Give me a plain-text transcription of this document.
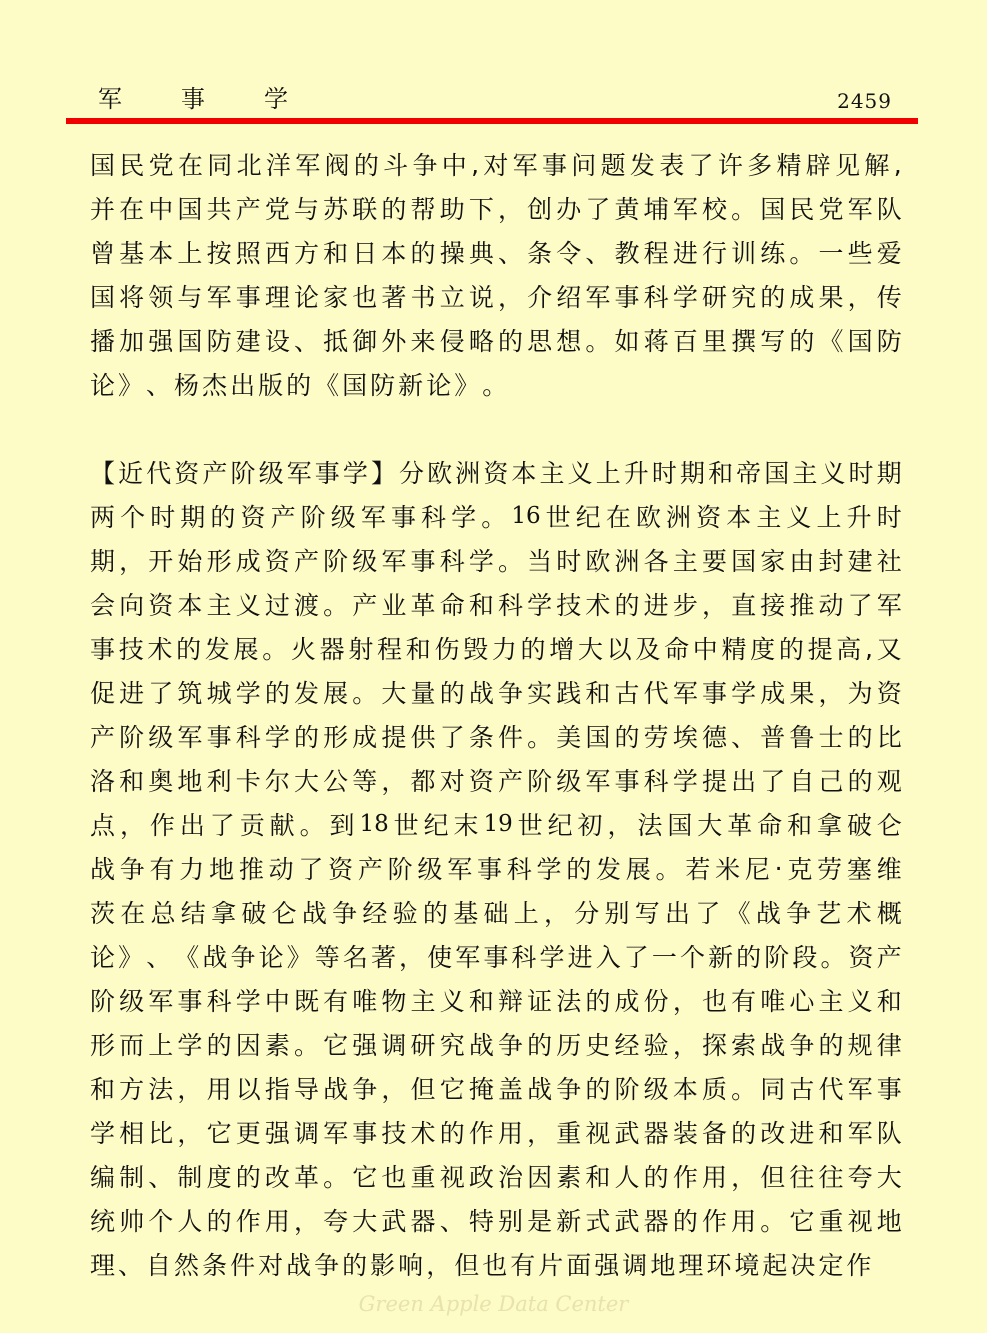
军 事 学	2459
国 民 党 在 同 北 洋 军 阀 的 斗 争 中 , 对 军 事 问 题 发 表 了 许 多 精 辟 见 解 ,
并 在 中 国 共 产 党 与 苏 联 的 帮 助 下 ， 创 办 了 黄 埔 军 校 。 国 民 党 军 队
曾 基 本 上 按 照 西 方 和 日 本 的 操 典 、 条 令 、 教 程 进 行 训 练 。 一 些 爱
国 将 领 与 军 事 理 论 家 也 著 书 立 说 ， 介 绍 军 事 科 学 研 究 的 成 果 ， 传
播 加 强 国 防 建 设 、 抵 御 外 来 侵 略 的 思 想 。 如 蒋 百 里 撰 写 的 《 国 防
论 》 、 杨 杰 出 版 的 《 国 防 新 论 》 。
【 近 代 资 产 阶 级 军 事 学 】 分 欧 洲 资 本 主 义 上 升 时 期 和 帝 国 主 义 时 期
两 个 时 期 的 资 产 阶 级 军 事 科 学 。 16 世 纪 在 欧 洲 资 本 主 义 上 升 时
期 ， 开 始 形 成 资 产 阶 级 军 事 科 学 。 当 时 欧 洲 各 主 要 国 家 由 封 建 社
会 向 资 本 主 义 过 渡 。 产 业 革 命 和 科 学 技 术 的 进 步 ， 直 接 推 动 了 军
事 技 术 的 发 展 。 火 器 射 程 和 伤 毁 力 的 增 大 以 及 命 中 精 度 的 提 高 , 又
促 进 了 筑 城 学 的 发 展 。 大 量 的 战 争 实 践 和 古 代 军 事 学 成 果 ， 为 资
产 阶 级 军 事 科 学 的 形 成 提 供 了 条 件 。 美 国 的 劳 埃 德 、 普 鲁 士 的 比
洛 和 奥 地 利 卡 尔 大 公 等 ， 都 对 资 产 阶 级 军 事 科 学 提 出 了 自 己 的 观
点 ， 作 出 了 贡 献 。 到 18 世 纪 末 19 世 纪 初 ， 法 国 大 革 命 和 拿 破 仑
战 争 有 力 地 推 动 了 资 产 阶 级 军 事 科 学 的 发 展 。 若 米 尼 · 克 劳 塞 维
茨 在 总 结 拿 破 仑 战 争 经 验 的 基 础 上 ， 分 别 写 出 了 《 战 争 艺 术 概
论 》 、 《 战 争 论 》 等 名 著 ， 使 军 事 科 学 进 入 了 一 个 新 的 阶 段 。 资 产
阶 级 军 事 科 学 中 既 有 唯 物 主 义 和 辩 证 法 的 成 份 ， 也 有 唯 心 主 义 和
形 而 上 学 的 因 素 。 它 强 调 研 究 战 争 的 历 史 经 验 ， 探 索 战 争 的 规 律
和 方 法 ， 用 以 指 导 战 争 ， 但 它 掩 盖 战 争 的 阶 级 本 质 。 同 古 代 军 事
学 相 比 ， 它 更 强 调 军 事 技 术 的 作 用 ， 重 视 武 器 装 备 的 改 进 和 军 队
编 制 、 制 度 的 改 革 。 它 也 重 视 政 治 因 素 和 人 的 作 用 ， 但 往 往 夸 大
统 帅 个 人 的 作 用 ， 夸 大 武 器 、 特 别 是 新 式 武 器 的 作 用 。 它 重 视 地
理 、 自 然 条 件 对 战 争 的 影 响 ， 但 也 有 片 面 强 调 地 理 环 境 起 决 定 作
Green Apple Data Center
